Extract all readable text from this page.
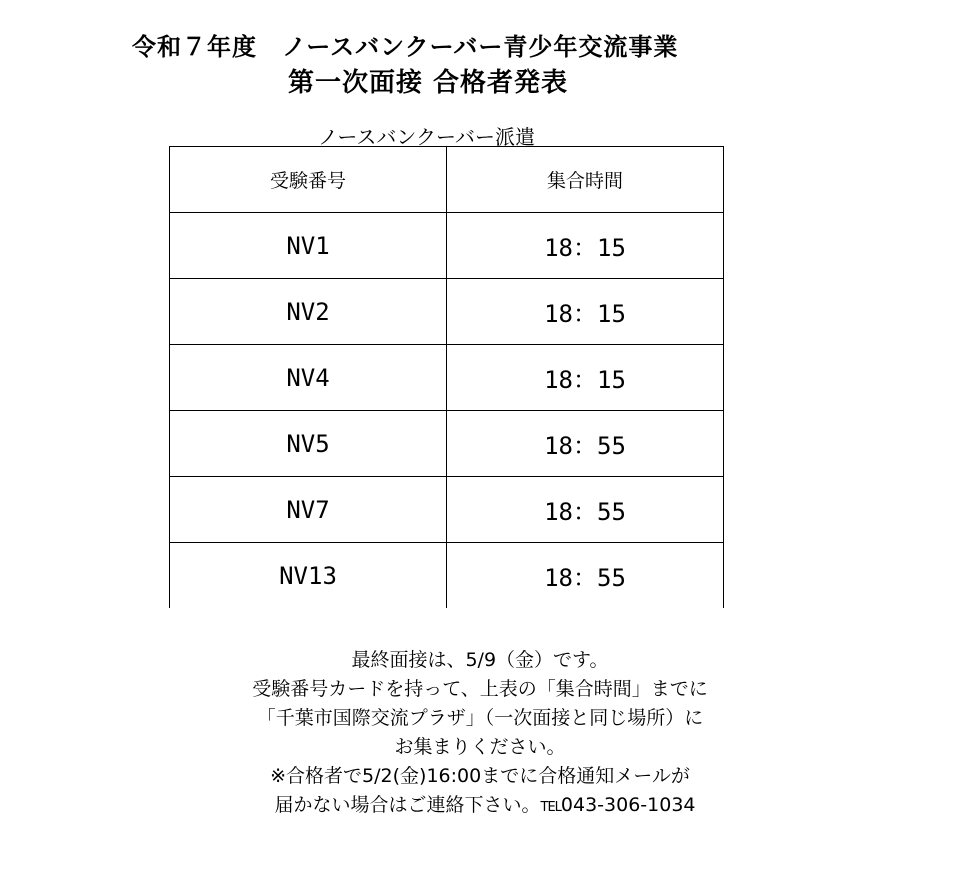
令和７年度　ノースバンクーバー青少年交流事業
第一次面接 合格者発表
ノースバンクーバー派遣
受験番号	集合時間
NV1	18：15
NV2	18：15
NV4	18：15
NV5	18：55
NV7	18：55
NV13	18：55
最終面接は、5/9（金）です。
受験番号カードを持って、上表の「集合時間」までに
「千葉市国際交流プラザ」（一次面接と同じ場所）に
お集まりください。
※合格者で5/2(金)16:00までに合格通知メールが
届かない場合はご連絡下さい。TEL043-306-1034
